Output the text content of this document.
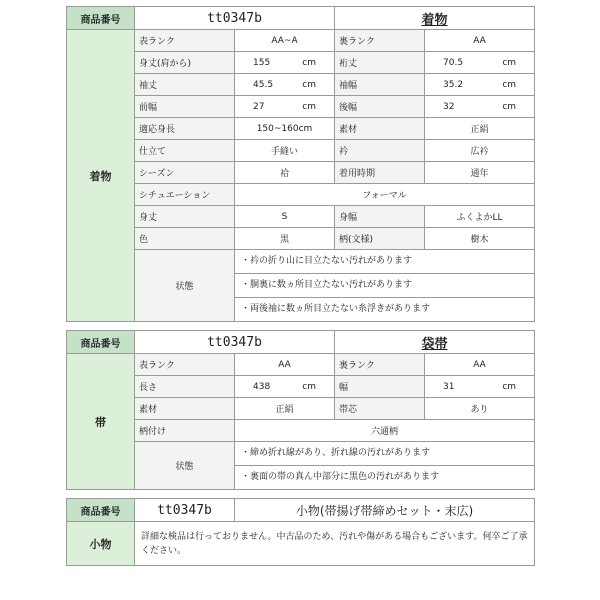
商品番号	tt0347b		着物	
着物	表ランク	AA~A	裏ランク	AA
	身丈(肩から)	155 cm	裄丈	70.5 cm

	袖丈	45.5 cm	袖幅	35.2 cm

	前幅	27 cm	後幅	32 cm

	適応身長	150~160cm	素材	正絹
	仕立て	手縫い	衿	広衿
	シーズン	袷	着用時期	通年
	シチュエーション	フォーマル		
	身丈	S	身幅	ふくよかLL
	色	黒	柄(文様)	樹木
	状態	・衿の折り山に目立たない汚れがあります
・胴裏に数ヵ所目立たない汚れがあります
・両後袖に数ヵ所目立たない糸浮きがあります		
商品番号	tt0347b		袋帯	
帯	表ランク	AA	裏ランク	AA
	長さ	438 cm	幅	31 cm

	素材	正絹	帯芯	あり
	柄付け	六通柄		
	状態	・締め折れ線があり、折れ線の汚れがあります
・裏面の帯の真ん中部分に黒色の汚れがあります		
商品番号	tt0347b	小物(帯揚げ帯締めセット・末広)
小物	詳細な検品は行っておりません。中古品のため、汚れや傷がある場合もございます。何卒ご了承ください。	
